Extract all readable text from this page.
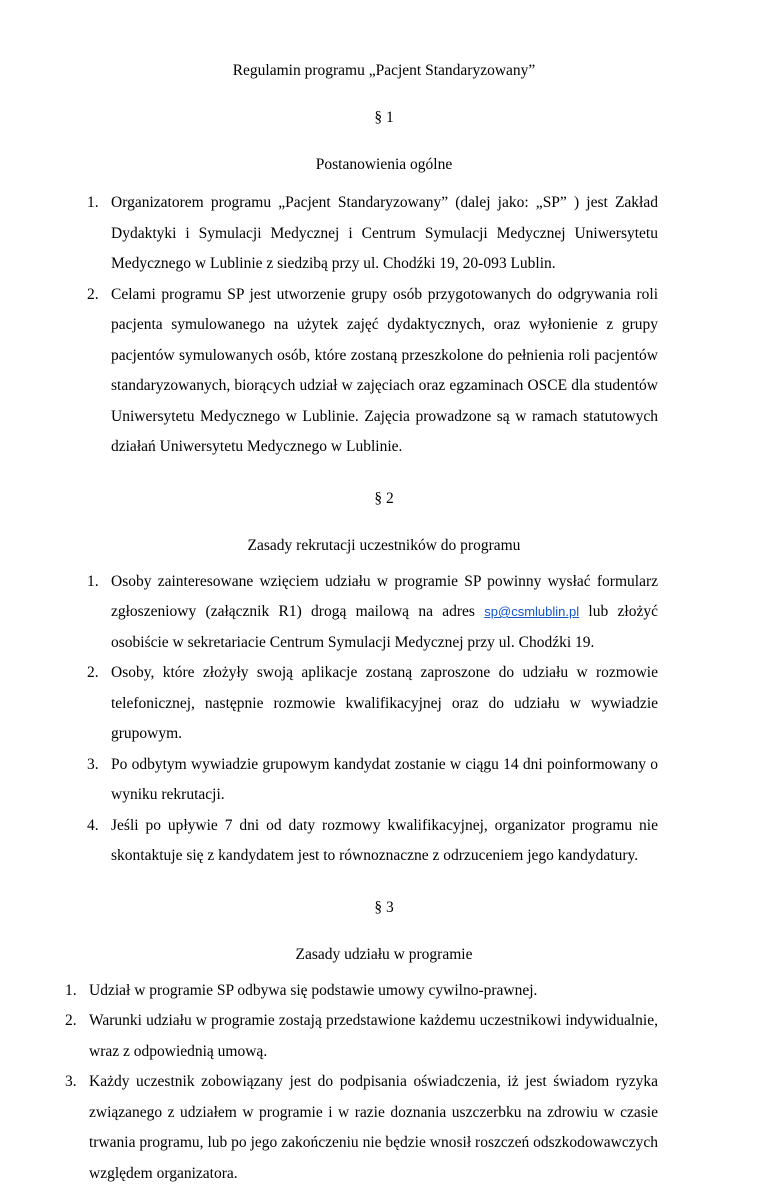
Regulamin programu „Pacjent Standaryzowany”

§ 1

Postanowienia ogólne

1. Organizatorem programu „Pacjent Standaryzowany” (dalej jako: „SP” ) jest Zakład Dydaktyki i Symulacji Medycznej i Centrum Symulacji Medycznej Uniwersytetu Medycznego w Lublinie z siedzibą przy ul. Chodźki 19, 20-093 Lublin.
2. Celami programu SP jest utworzenie grupy osób przygotowanych do odgrywania roli pacjenta symulowanego na użytek zajęć dydaktycznych, oraz wyłonienie z grupy pacjentów symulowanych osób, które zostaną przeszkolone do pełnienia roli pacjentów standaryzowanych, biorących udział w zajęciach oraz egzaminach OSCE dla studentów Uniwersytetu Medycznego w Lublinie. Zajęcia prowadzone są w ramach statutowych działań Uniwersytetu Medycznego w Lublinie.

§ 2

Zasady rekrutacji uczestników do programu

1. Osoby zainteresowane wzięciem udziału w programie SP powinny wysłać formularz zgłoszeniowy (załącznik R1) drogą mailową na adres sp@csmlublin.pl lub złożyć osobiście w sekretariacie Centrum Symulacji Medycznej przy ul. Chodźki 19.
2. Osoby, które złożyły swoją aplikacje zostaną zaproszone do udziału w rozmowie telefonicznej, następnie rozmowie kwalifikacyjnej oraz do udziału w wywiadzie grupowym.
3. Po odbytym wywiadzie grupowym kandydat zostanie w ciągu 14 dni poinformowany o wyniku rekrutacji.
4. Jeśli po upływie 7 dni od daty rozmowy kwalifikacyjnej, organizator programu nie skontaktuje się z kandydatem jest to równoznaczne z odrzuceniem jego kandydatury.

§ 3

Zasady udziału w programie

1. Udział w programie SP odbywa się podstawie umowy cywilno-prawnej.
2. Warunki udziału w programie zostają przedstawione każdemu uczestnikowi indywidualnie, wraz z odpowiednią umową.
3. Każdy uczestnik zobowiązany jest do podpisania oświadczenia, iż jest świadom ryzyka związanego z udziałem w programie i w razie doznania uszczerbku na zdrowiu w czasie trwania programu, lub po jego zakończeniu nie będzie wnosił roszczeń odszkodowawczych względem organizatora.
